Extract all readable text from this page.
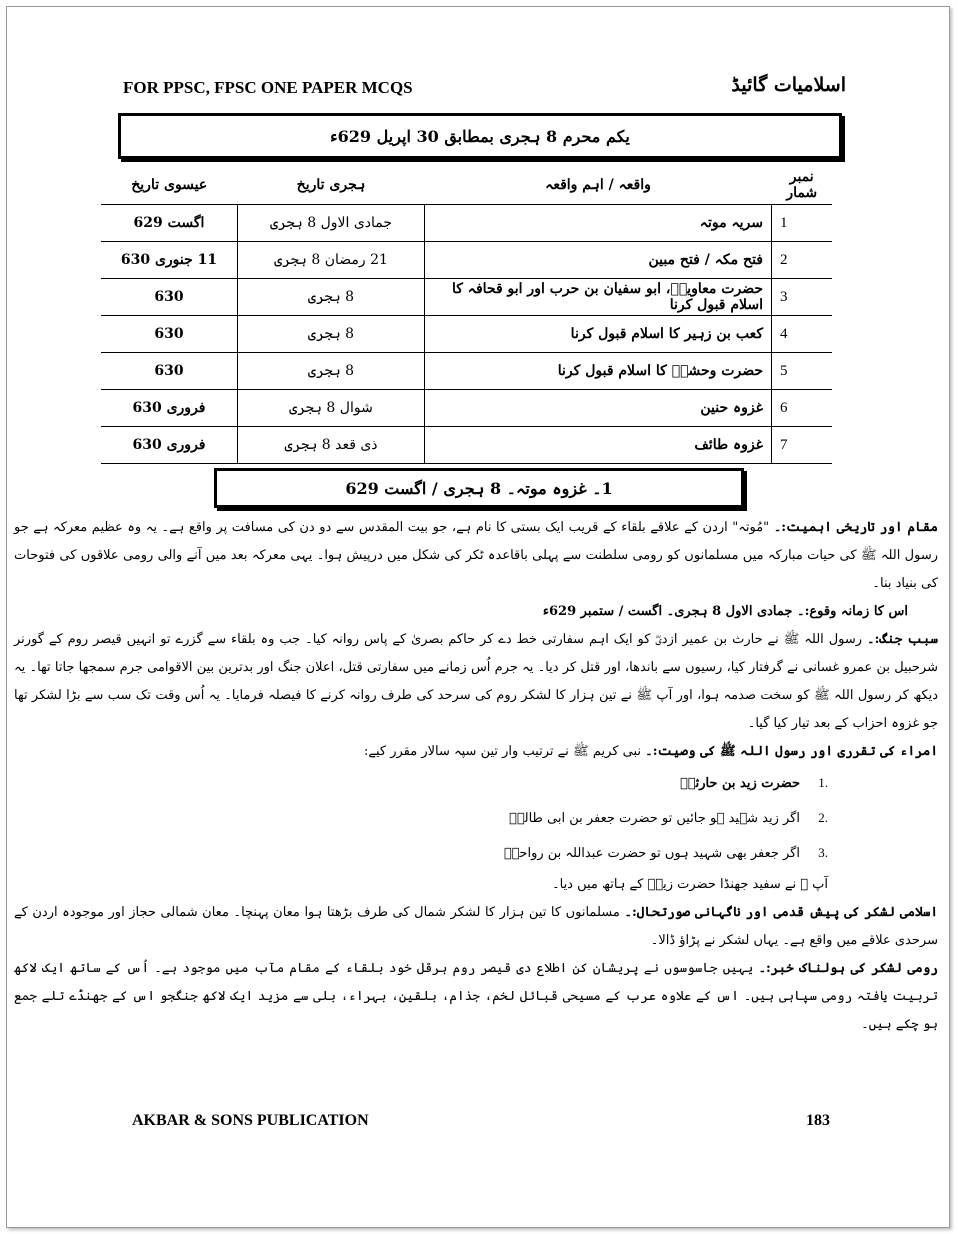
FOR PPSC, FPSC ONE PAPER MCQS	اسلامیات گائیڈ
یکم محرم 8 ہجری بمطابق 30 اپریل 629ء
نمبر شمار	واقعہ / اہم واقعہ	ہجری تاریخ	عیسوی تاریخ
1	سریہ موتہ	جمادی الاول 8 ہجری	اگست 629
2	فتح مکہ / فتح مبین	21 رمضان 8 ہجری	11 جنوری 630
3	حضرت معاویہؓ، ابو سفیان بن حرب اور ابو قحافہ کا اسلام قبول کرنا	8 ہجری	630
4	کعب بن زہیر کا اسلام قبول کرنا	8 ہجری	630
5	حضرت وحشیؓ کا اسلام قبول کرنا	8 ہجری	630
6	غزوہ حنین	شوال 8 ہجری	فروری 630
7	غزوہ طائف	ذی قعد 8 ہجری	فروری 630
1۔ غزوہ موتہ۔ 8 ہجری / اگست 629

مقام اور تاریخی اہمیت:۔ "مُوتہ" اردن کے علاقے بلقاء کے قریب ایک بستی کا نام ہے، جو بیت المقدس سے دو دن کی مسافت پر واقع ہے۔ یہ وہ عظیم معرکہ ہے جو رسول اللہ ﷺ کی حیات مبارکہ میں مسلمانوں کو رومی سلطنت سے پہلی باقاعدہ ٹکر کی شکل میں درپیش ہوا۔ یہی معرکہ بعد میں آنے والی رومی علاقوں کی فتوحات کی بنیاد بنا۔

اس کا زمانہ وقوع:۔ جمادی الاول 8 ہجری۔ اگست / ستمبر 629ء

سبب جنگ:۔ رسول اللہ ﷺ نے حارث بن عمیر ازدیؓ کو ایک اہم سفارتی خط دے کر حاکم بصریٰ کے پاس روانہ کیا۔ جب وہ بلقاء سے گزرے تو انہیں قیصر روم کے گورنر شرحبیل بن عمرو غسانی نے گرفتار کیا، رسیوں سے باندھا، اور قتل کر دیا۔ یہ جرم اُس زمانے میں سفارتی قتل، اعلان جنگ اور بدترین بین الاقوامی جرم سمجھا جاتا تھا۔ یہ دیکھ کر رسول اللہ ﷺ کو سخت صدمہ ہوا، اور آپ ﷺ نے تین ہزار کا لشکر روم کی سرحد کی طرف روانہ کرنے کا فیصلہ فرمایا۔ یہ اُس وقت تک سب سے بڑا لشکر تھا جو غزوہ احزاب کے بعد تیار کیا گیا۔

امراء کی تقرری اور رسول اللہ ﷺ کی وصیت:۔ نبی کریم ﷺ نے ترتیب وار تین سپہ سالار مقرر کیے:

.1حضرت زید بن حارثہؓ
.2اگر زید شہید ہو جائیں تو حضرت جعفر بن ابی طالبؓ
.3اگر جعفر بھی شہید ہوں تو حضرت عبداللہ بن رواحہؓ

آپ ﷺ نے سفید جھنڈا حضرت زیدؓ کے ہاتھ میں دیا۔

اسلامی لشکر کی پیش قدمی اور ناگہانی صورتحال:۔ مسلمانوں کا تین ہزار کا لشکر شمال کی طرف بڑھتا ہوا معان پہنچا۔ معان شمالی حجاز اور موجودہ اردن کے سرحدی علاقے میں واقع ہے۔ یہاں لشکر نے پڑاؤ ڈالا۔

رومی لشکر کی ہولناک خبر:۔ یہیں جاسوسوں نے پریشان کن اطلاع دی قیصر روم ہرقل خود بلقاء کے مقام مآب میں موجود ہے۔ اُس کے ساتھ ایک لاکھ تربیت یافتہ رومی سپاہی ہیں۔ اس کے علاوہ عرب کے مسیحی قبائل لخم، جذام، بلقین، بہراء، بلی سے مزید ایک لاکھ جنگجو اس کے جھنڈے تلے جمع ہو چکے ہیں۔

AKBAR & SONS PUBLICATION	183
